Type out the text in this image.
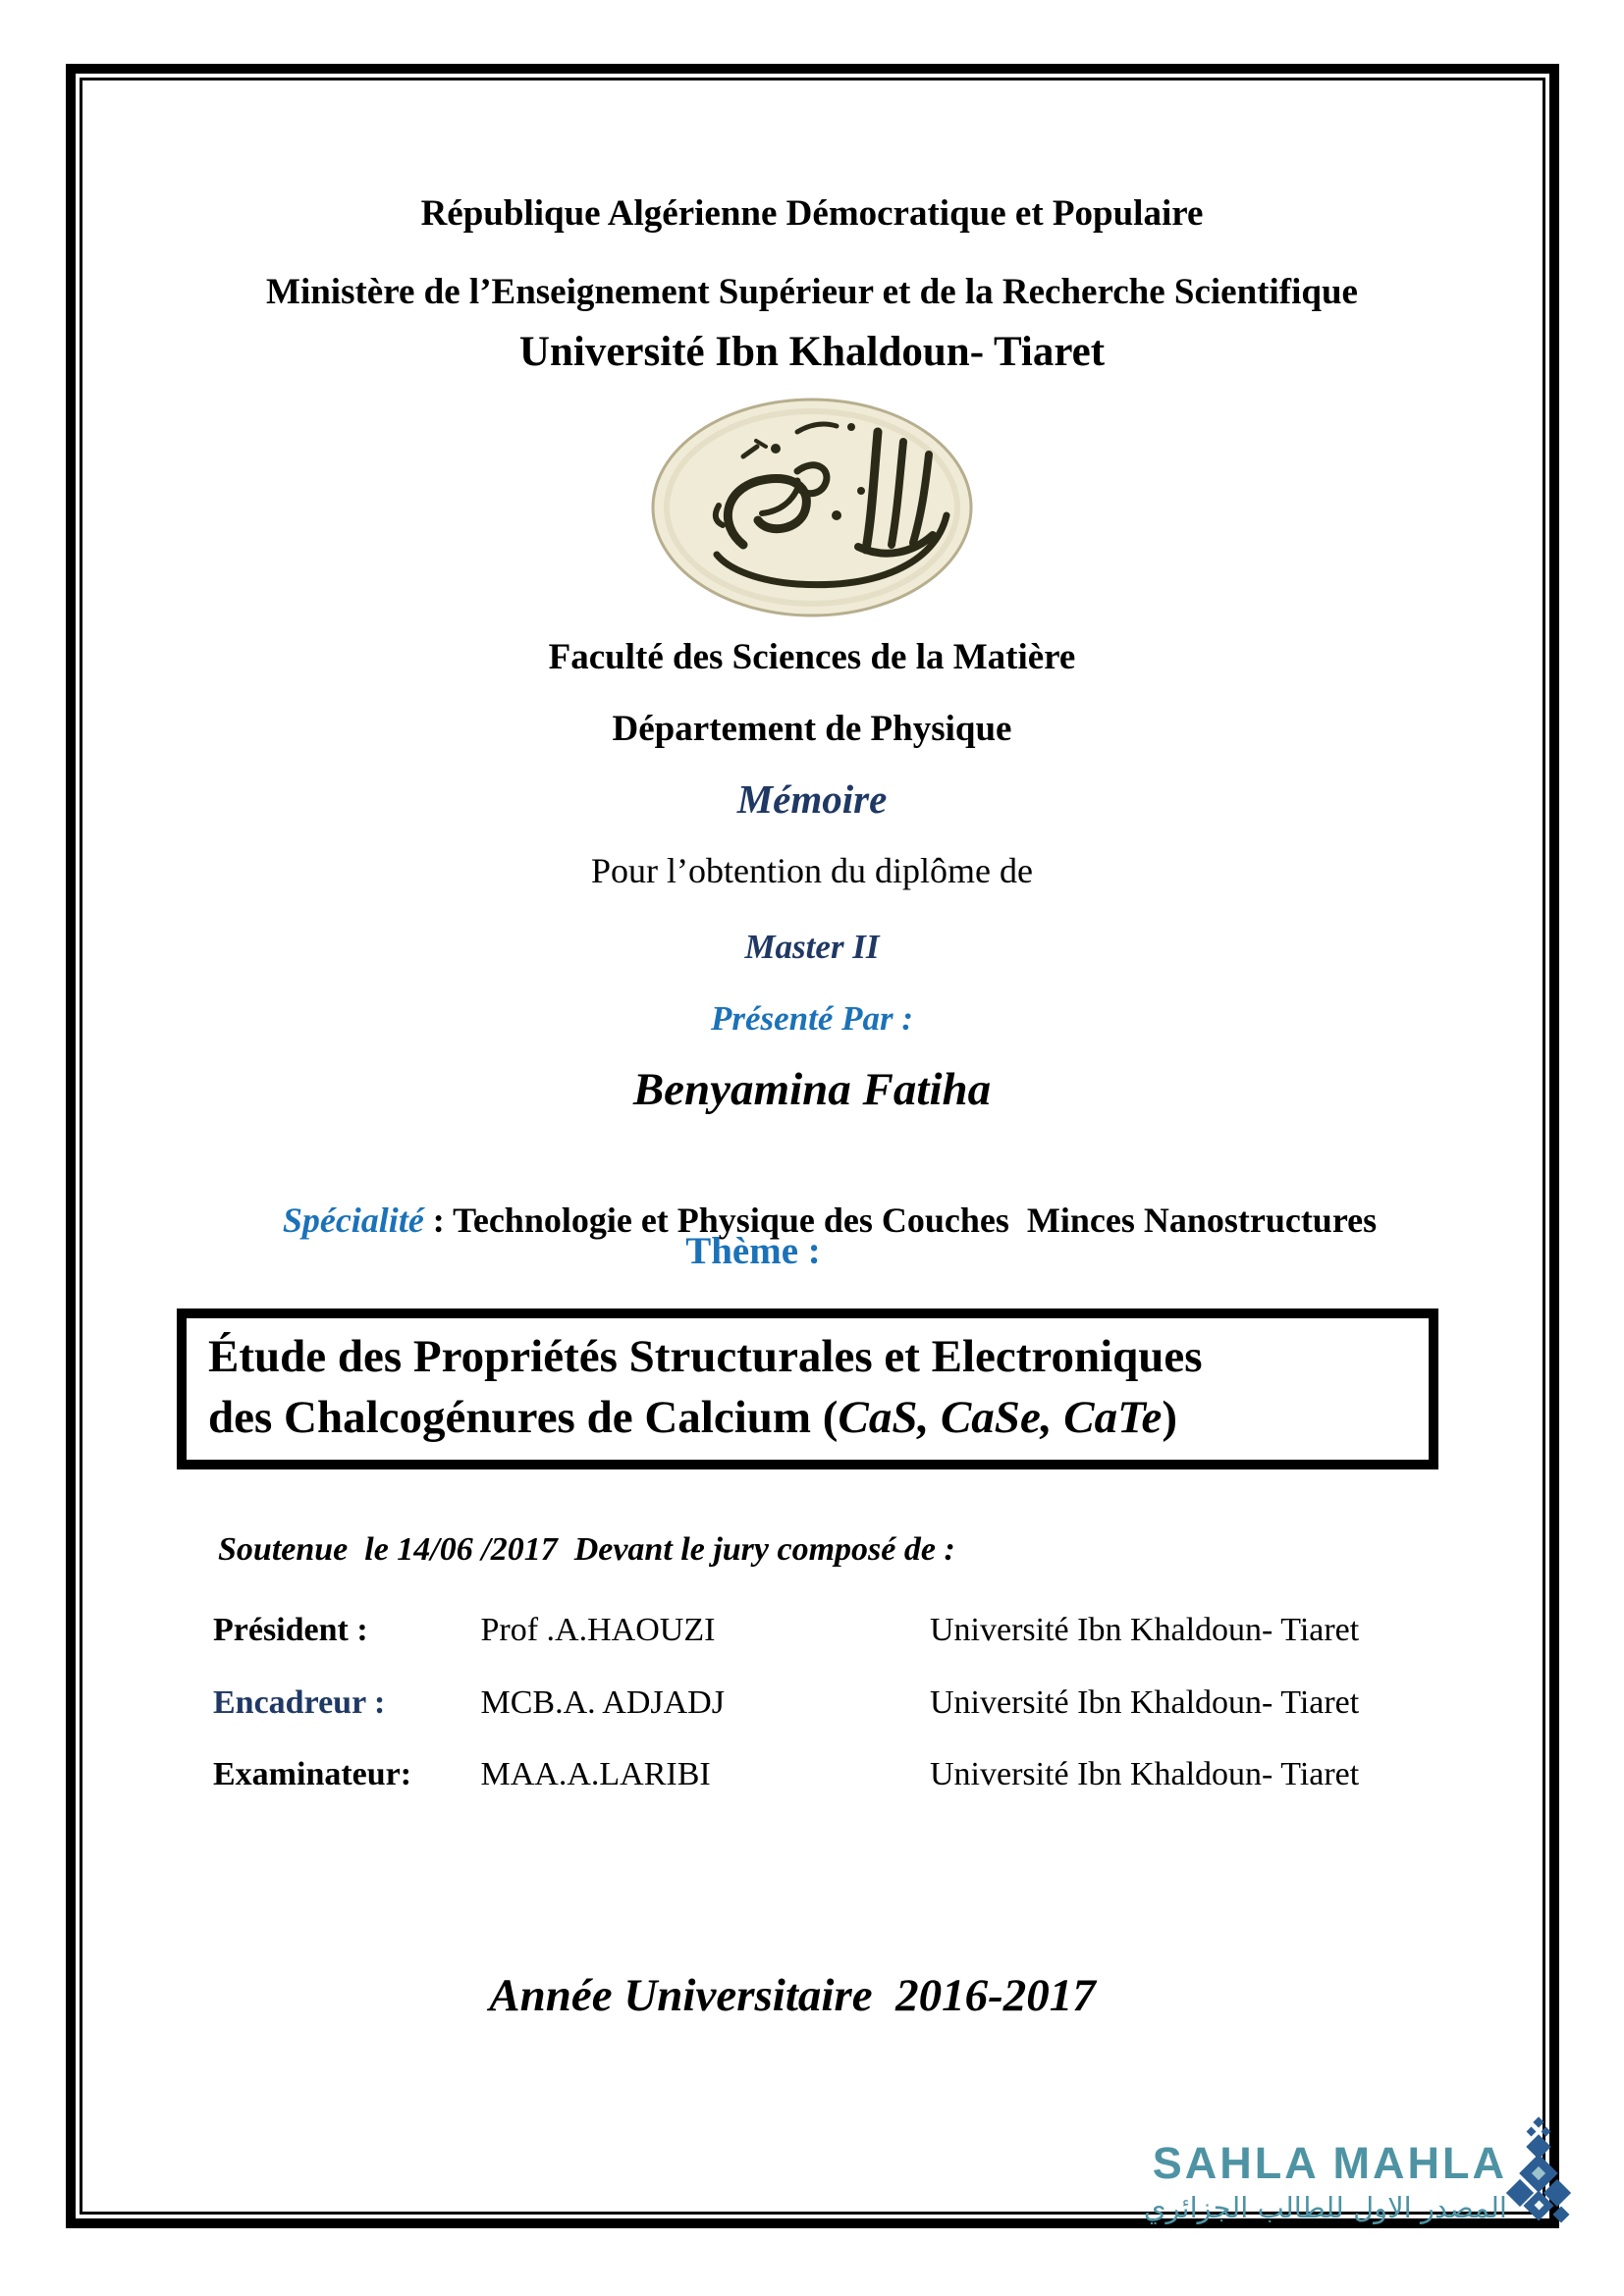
République Algérienne Démocratique et Populaire
Ministère de l’Enseignement Supérieur et de la Recherche Scientifique
Université Ibn Khaldoun- Tiaret
Faculté des Sciences de la Matière
Département de Physique
Mémoire
Pour l’obtention du diplôme de
Master II
Présenté Par :
Benyamina Fatiha

Spécialité : Technologie et Physique des Couches  Minces Nanostructures

Thème :
Étude des Propriétés Structurales et Electroniques
des Chalcogénures de Calcium (CaS, CaSe, CaTe)
Soutenue  le 14/06 /2017  Devant le jury composé de :
Président :	Prof .A.HAOUZI	Université Ibn Khaldoun- Tiaret
Encadreur :	MCB.A. ADJADJ	Université Ibn Khaldoun- Tiaret
Examinateur: MAA.A.LARIBI	Université Ibn Khaldoun- Tiaret
Année Universitaire  2016-2017
SAHLA MAHLA
المصدر الاول للطالب الجزائري
